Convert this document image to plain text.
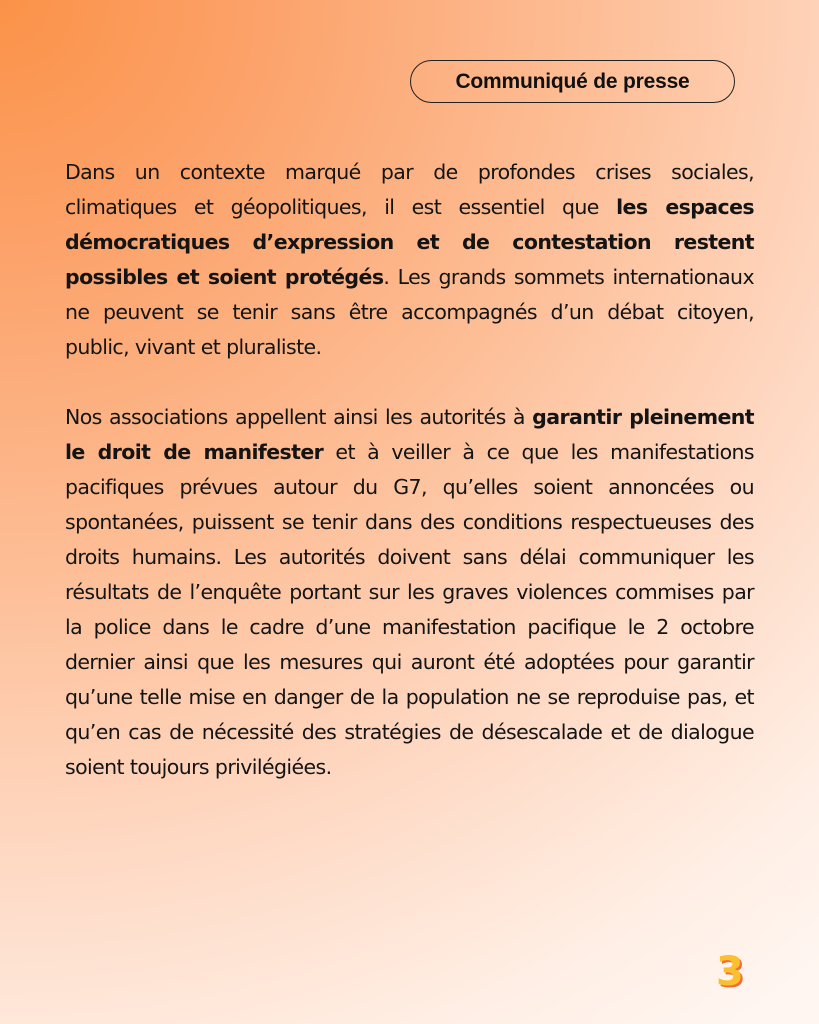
Communiqué de presse

Dans un contexte marqué par de profondes crises sociales, climatiques et géopolitiques, il est essentiel que les espaces démocratiques d’expression et de contestation restent possibles et soient protégés. Les grands sommets internationaux ne peuvent se tenir sans être accompagnés d’un débat citoyen, public, vivant et pluraliste.

Nos associations appellent ainsi les autorités à garantir pleinement le droit de manifester et à veiller à ce que les manifestations pacifiques prévues autour du G7, qu’elles soient annoncées ou spontanées, puissent se tenir dans des conditions respectueuses des droits humains. Les autorités doivent sans délai communiquer les résultats de l’enquête portant sur les graves violences commises par la police dans le cadre d’une manifestation pacifique le 2 octobre dernier ainsi que les mesures qui auront été adoptées pour garantir qu’une telle mise en danger de la population ne se reproduise pas, et qu’en cas de nécessité des stratégies de désescalade et de dialogue soient toujours privilégiées.

3
